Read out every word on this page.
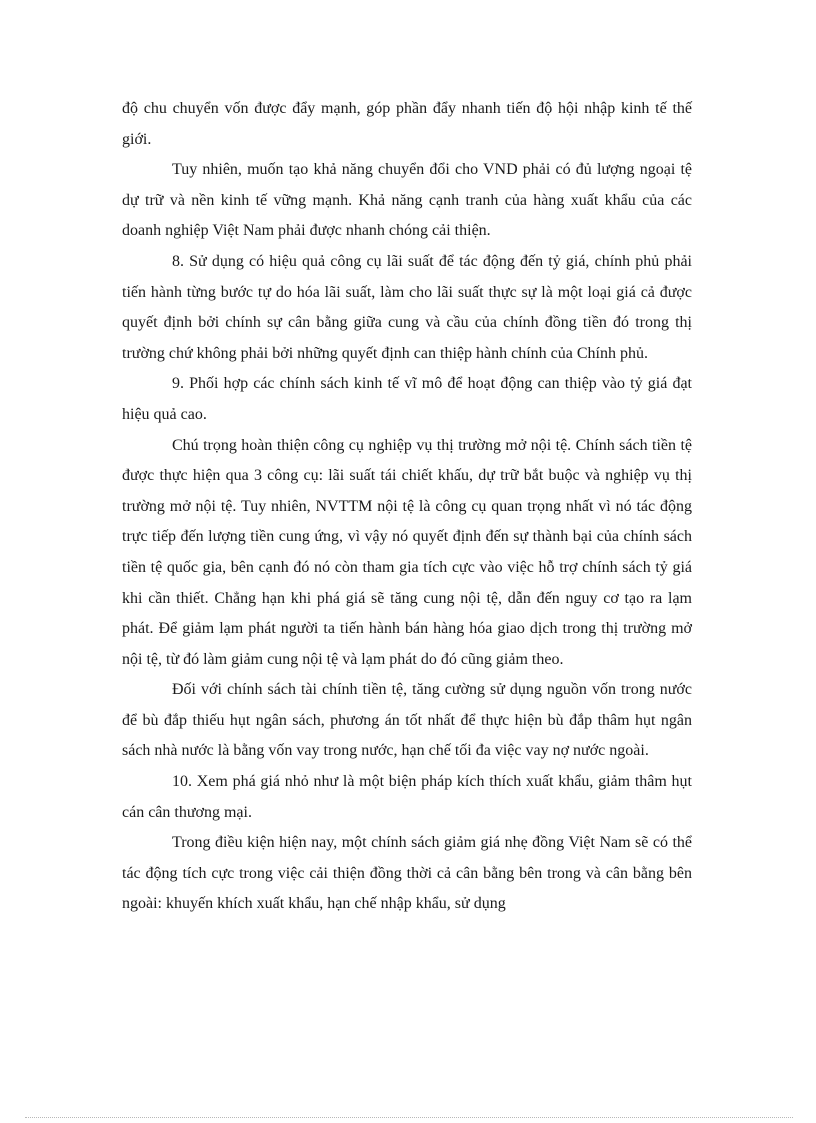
độ chu chuyển vốn được đẩy mạnh, góp phần đẩy nhanh tiến độ hội nhập kinh tế thế giới.

Tuy nhiên, muốn tạo khả năng chuyển đổi cho VND phải có đủ lượng ngoại tệ dự trữ và nền kinh tế vững mạnh. Khả năng cạnh tranh của hàng xuất khẩu của các doanh nghiệp Việt Nam phải được nhanh chóng cải thiện.

8. Sử dụng có hiệu quả công cụ lãi suất để tác động đến tỷ giá, chính phủ phải tiến hành từng bước tự do hóa lãi suất, làm cho lãi suất thực sự là một loại giá cả được quyết định bởi chính sự cân bằng giữa cung và cầu của chính đồng tiền đó trong thị trường chứ không phải bởi những quyết định can thiệp hành chính của Chính phủ.

9. Phối hợp các chính sách kinh tế vĩ mô để hoạt động can thiệp vào tỷ giá đạt hiệu quả cao.

Chú trọng hoàn thiện công cụ nghiệp vụ thị trường mở nội tệ. Chính sách tiền tệ được thực hiện qua 3 công cụ: lãi suất tái chiết khấu, dự trữ bắt buộc và nghiệp vụ thị trường mở nội tệ. Tuy nhiên, NVTTM nội tệ là công cụ quan trọng nhất vì nó tác động trực tiếp đến lượng tiền cung ứng, vì vậy nó quyết định đến sự thành bại của chính sách tiền tệ quốc gia, bên cạnh đó nó còn tham gia tích cực vào việc hỗ trợ chính sách tỷ giá khi cần thiết. Chẳng hạn khi phá giá sẽ tăng cung nội tệ, dẫn đến nguy cơ tạo ra lạm phát. Để giảm lạm phát người ta tiến hành bán hàng hóa giao dịch trong thị trường mở nội tệ, từ đó làm giảm cung nội tệ và lạm phát do đó cũng giảm theo.

Đối với chính sách tài chính tiền tệ, tăng cường sử dụng nguồn vốn trong nước để bù đắp thiếu hụt ngân sách, phương án tốt nhất để thực hiện bù đắp thâm hụt ngân sách nhà nước là bằng vốn vay trong nước, hạn chế tối đa việc vay nợ nước ngoài.

10. Xem phá giá nhỏ như là một biện pháp kích thích xuất khẩu, giảm thâm hụt cán cân thương mại.

Trong điều kiện hiện nay, một chính sách giảm giá nhẹ đồng Việt Nam sẽ có thể tác động tích cực trong việc cải thiện đồng thời cả cân bằng bên trong và cân bằng bên ngoài: khuyến khích xuất khẩu, hạn chế nhập khẩu, sử dụng
